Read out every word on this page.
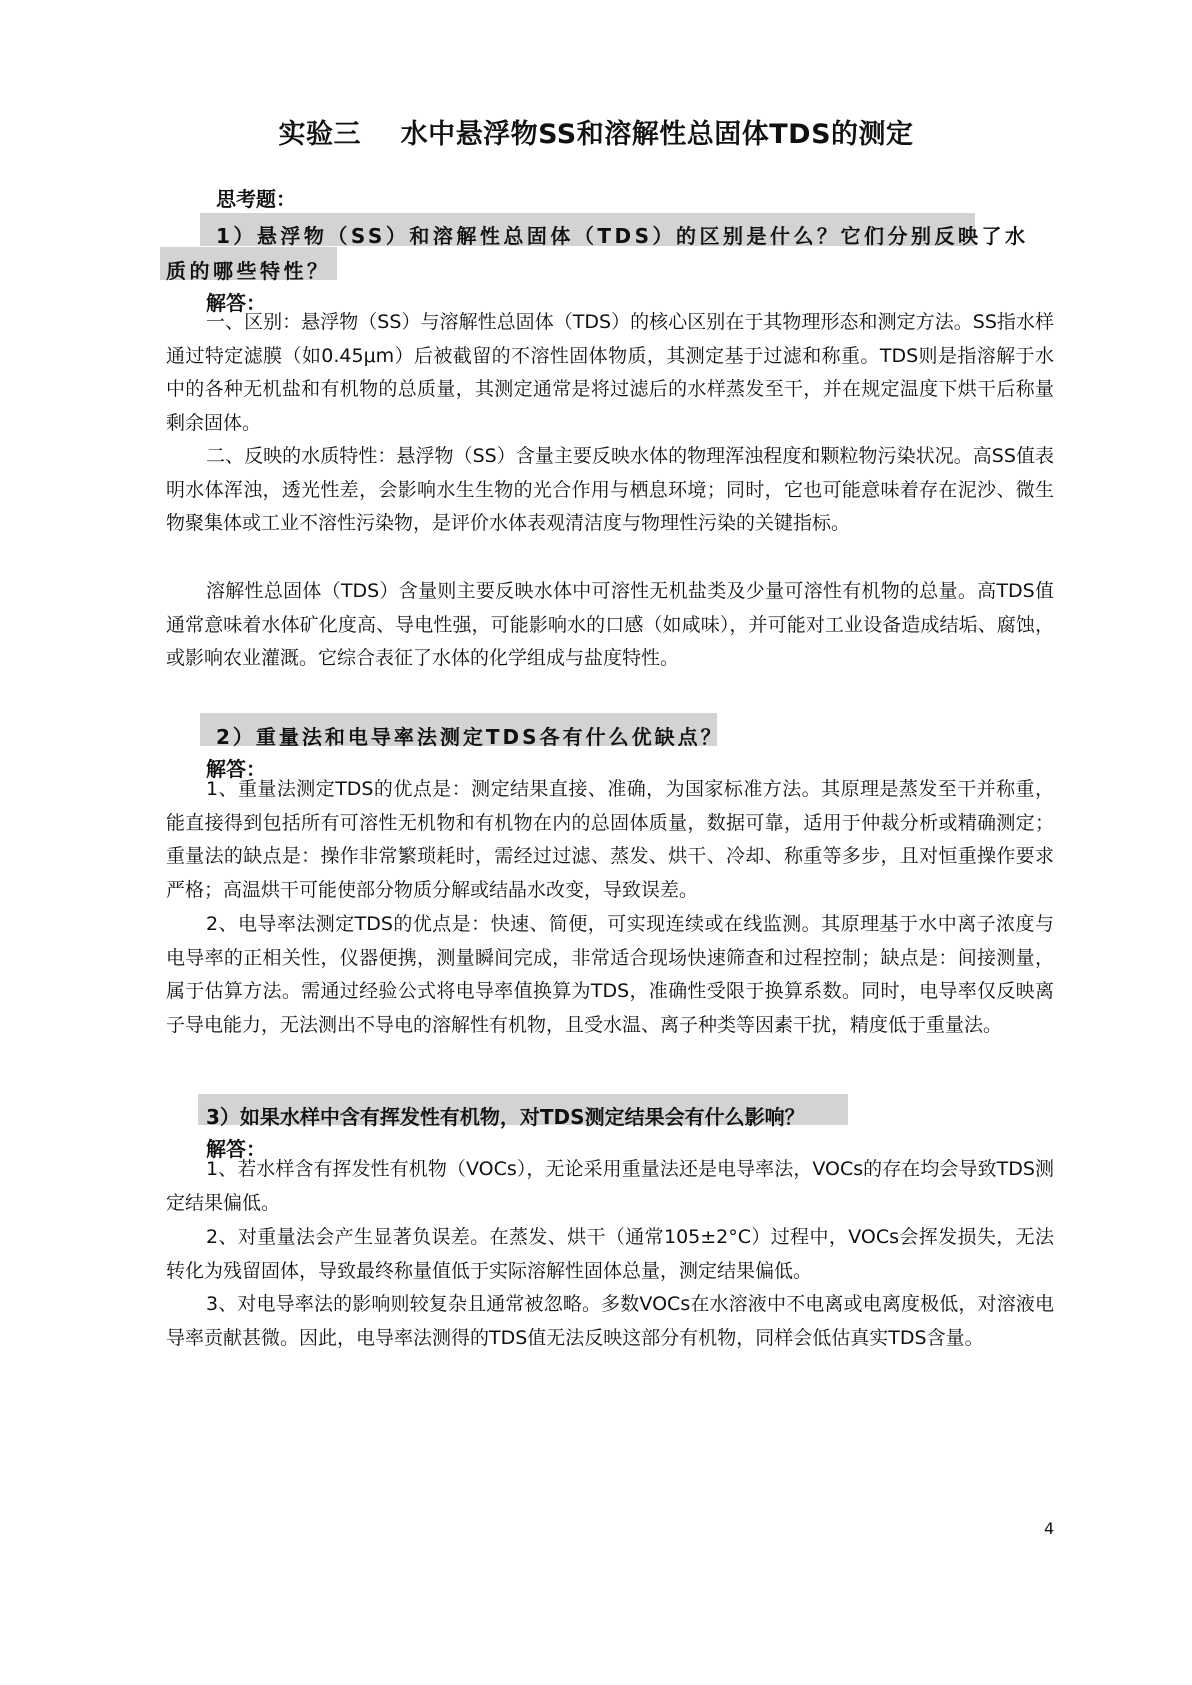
实验三    水中悬浮物SS和溶解性总固体TDS的测定
思考题：
1）悬浮物（SS）和溶解性总固体（TDS）的区别是什么？它们分别反映了水
质的哪些特性？
解答：

一、区别：悬浮物（SS）与溶解性总固体（TDS）的核心区别在于其物理形态和测定方法。SS指水样通过特定滤膜（如0.45μm）后被截留的不溶性固体物质，其测定基于过滤和称重。TDS则是指溶解于水中的各种无机盐和有机物的总质量，其测定通常是将过滤后的水样蒸发至干，并在规定温度下烘干后称量剩余固体。

二、反映的水质特性：悬浮物（SS）含量主要反映水体的物理浑浊程度和颗粒物污染状况。高SS值表明水体浑浊，透光性差，会影响水生生物的光合作用与栖息环境；同时，它也可能意味着存在泥沙、微生物聚集体或工业不溶性污染物，是评价水体表观清洁度与物理性污染的关键指标。

溶解性总固体（TDS）含量则主要反映水体中可溶性无机盐类及少量可溶性有机物的总量。高TDS值通常意味着水体矿化度高、导电性强，可能影响水的口感（如咸味），并可能对工业设备造成结垢、腐蚀，或影响农业灌溉。它综合表征了水体的化学组成与盐度特性。

2）重量法和电导率法测定TDS各有什么优缺点？
解答：

1、重量法测定TDS的优点是：测定结果直接、准确，为国家标准方法。其原理是蒸发至干并称重，能直接得到包括所有可溶性无机物和有机物在内的总固体质量，数据可靠，适用于仲裁分析或精确测定；重量法的缺点是：操作非常繁琐耗时，需经过过滤、蒸发、烘干、冷却、称重等多步，且对恒重操作要求严格；高温烘干可能使部分物质分解或结晶水改变，导致误差。

2、电导率法测定TDS的优点是：快速、简便，可实现连续或在线监测。其原理基于水中离子浓度与电导率的正相关性，仪器便携，测量瞬间完成，非常适合现场快速筛查和过程控制；缺点是：间接测量，属于估算方法。需通过经验公式将电导率值换算为TDS，准确性受限于换算系数。同时，电导率仅反映离子导电能力，无法测出不导电的溶解性有机物，且受水温、离子种类等因素干扰，精度低于重量法。

3）如果水样中含有挥发性有机物，对TDS测定结果会有什么影响？
解答：

1、若水样含有挥发性有机物（VOCs），无论采用重量法还是电导率法，VOCs的存在均会导致TDS测定结果偏低。

2、对重量法会产生显著负误差。在蒸发、烘干（通常105±2°C）过程中，VOCs会挥发损失，无法转化为残留固体，导致最终称量值低于实际溶解性固体总量，测定结果偏低。

3、对电导率法的影响则较复杂且通常被忽略。多数VOCs在水溶液中不电离或电离度极低，对溶液电导率贡献甚微。因此，电导率法测得的TDS值无法反映这部分有机物，同样会低估真实TDS含量。

4
